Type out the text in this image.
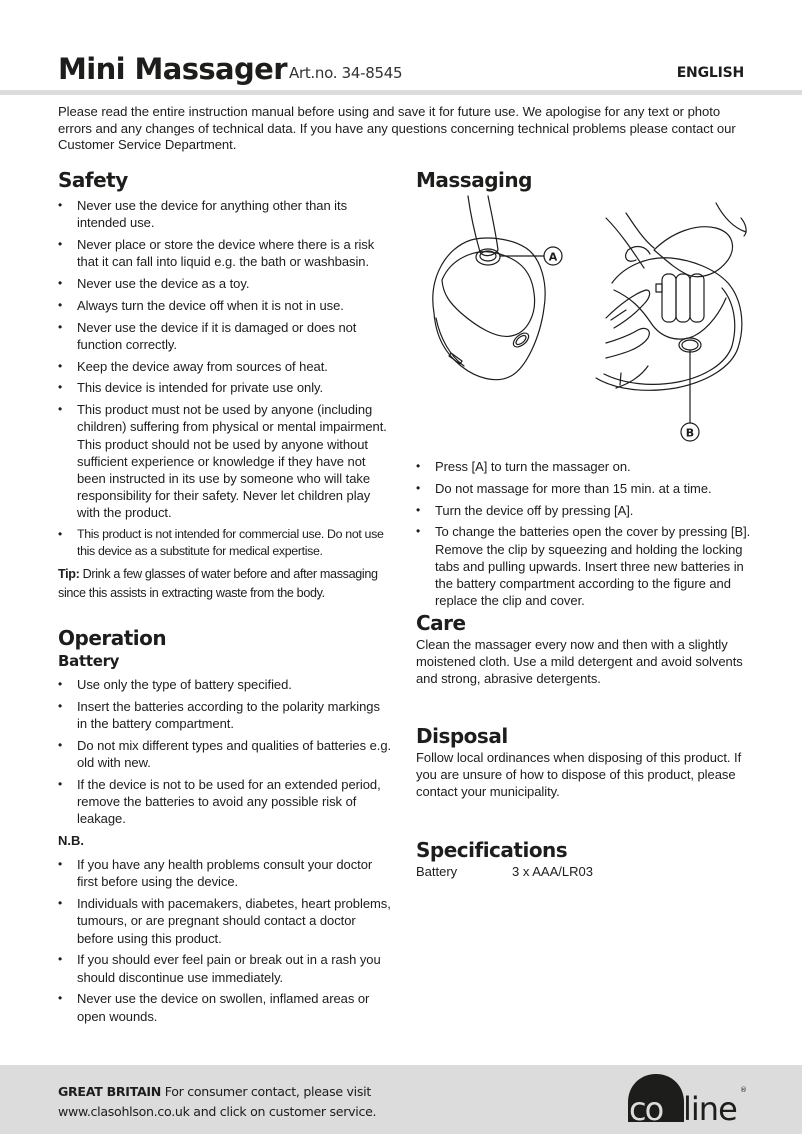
Mini Massager Art.no. 34-8545	ENGLISH

Please read the entire instruction manual before using and save it for future use. We apologise for any text or photo errors and any changes of technical data. If you have any questions concerning technical problems please contact our Customer Service Department.

Safety
• Never use the device for anything other than its intended use.
• Never place or store the device where there is a risk that it can fall into liquid e.g. the bath or washbasin.
• Never use the device as a toy.
• Always turn the device off when it is not in use.
• Never use the device if it is damaged or does not function correctly.
• Keep the device away from sources of heat.
• This device is intended for private use only.
• This product must not be used by anyone (including children) suffering from physical or mental impairment. This product should not be used by anyone without sufficient experience or knowledge if they have not been instructed in its use by someone who will take responsibility for their safety. Never let children play with the product.
• This product is not intended for commercial use. Do not use this device as a substitute for medical expertise.

Tip: Drink a few glasses of water before and after massaging since this assists in extracting waste from the body.

Operation
Battery
• Use only the type of battery specified.
• Insert the batteries according to the polarity markings in the battery compartment.
• Do not mix different types and qualities of batteries e.g. old with new.
• If the device is not to be used for an extended period, remove the batteries to avoid any possible risk of leakage.
N.B.
• If you have any health problems consult your doctor first before using the device.
• Individuals with pacemakers, diabetes, heart problems, tumours, or are pregnant should contact a doctor before using this product.
• If you should ever feel pain or break out in a rash you should discontinue use immediately.
• Never use the device on swollen, inflamed areas or open wounds.
Massaging
A
B
• Press [A] to turn the massager on.
• Do not massage for more than 15 min. at a time.
• Turn the device off by pressing [A].
• To change the batteries open the cover by pressing [B]. Remove the clip by squeezing and holding the locking tabs and pulling upwards. Insert three new batteries in the battery compartment according to the figure and replace the clip and cover.
Care

Clean the massager every now and then with a slightly moistened cloth. Use a mild detergent and avoid solvents and strong, abrasive detergents.

Disposal

Follow local ordinances when disposing of this product. If you are unsure of how to dispose of this product, please contact your municipality.

Specifications
Battery	3 x AAA/LR03
GREAT BRITAIN For consumer contact, please visit
www.clasohlson.co.uk and click on customer service.	co line ®
